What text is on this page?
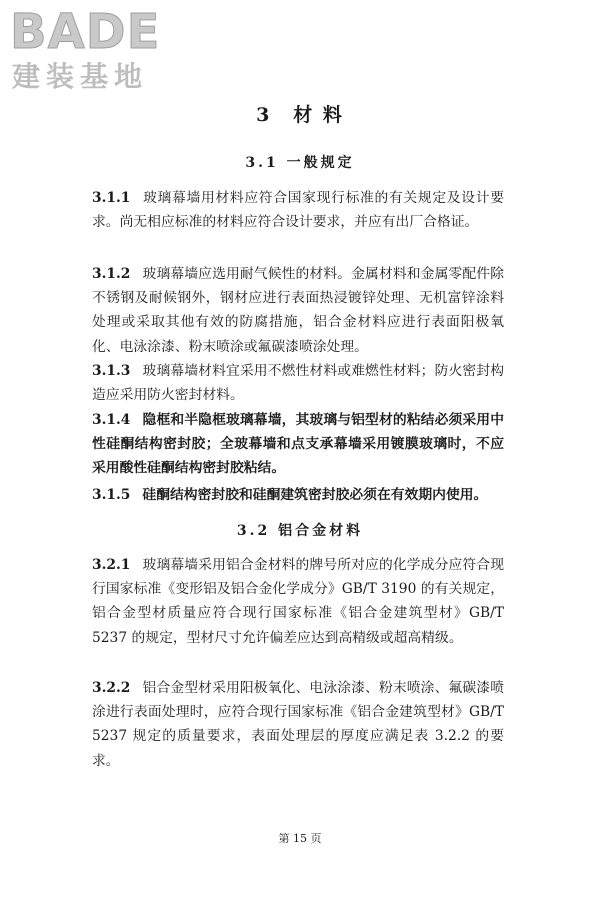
BADE
建装基地
3 材 料
3.1 一般规定
3.1.1 玻璃幕墙用材料应符合国家现行标准的有关规定及设计要求。尚无相应标准的材料应符合设计要求，并应有出厂合格证。
3.1.2 玻璃幕墙应选用耐气候性的材料。金属材料和金属零配件除不锈钢及耐候钢外，钢材应进行表面热浸镀锌处理、无机富锌涂料处理或采取其他有效的防腐措施，铝合金材料应进行表面阳极氧化、电泳涂漆、粉末喷涂或氟碳漆喷涂处理。
3.1.3 玻璃幕墙材料宜采用不燃性材料或难燃性材料；防火密封构造应采用防火密封材料。
3.1.4 隐框和半隐框玻璃幕墙，其玻璃与铝型材的粘结必须采用中性硅酮结构密封胶；全玻幕墙和点支承幕墙采用镀膜玻璃时，不应采用酸性硅酮结构密封胶粘结。
3.1.5 硅酮结构密封胶和硅酮建筑密封胶必须在有效期内使用。
3.2 铝合金材料
3.2.1 玻璃幕墙采用铝合金材料的牌号所对应的化学成分应符合现行国家标准《变形铝及铝合金化学成分》GB/T 3190 的有关规定，铝合金型材质量应符合现行国家标准《铝合金建筑型材》GB/T 5237 的规定，型材尺寸允许偏差应达到高精级或超高精级。
3.2.2 铝合金型材采用阳极氧化、电泳涂漆、粉末喷涂、氟碳漆喷涂进行表面处理时，应符合现行国家标准《铝合金建筑型材》GB/T 5237 规定的质量要求，表面处理层的厚度应满足表 3.2.2 的要求。
第 15 页
